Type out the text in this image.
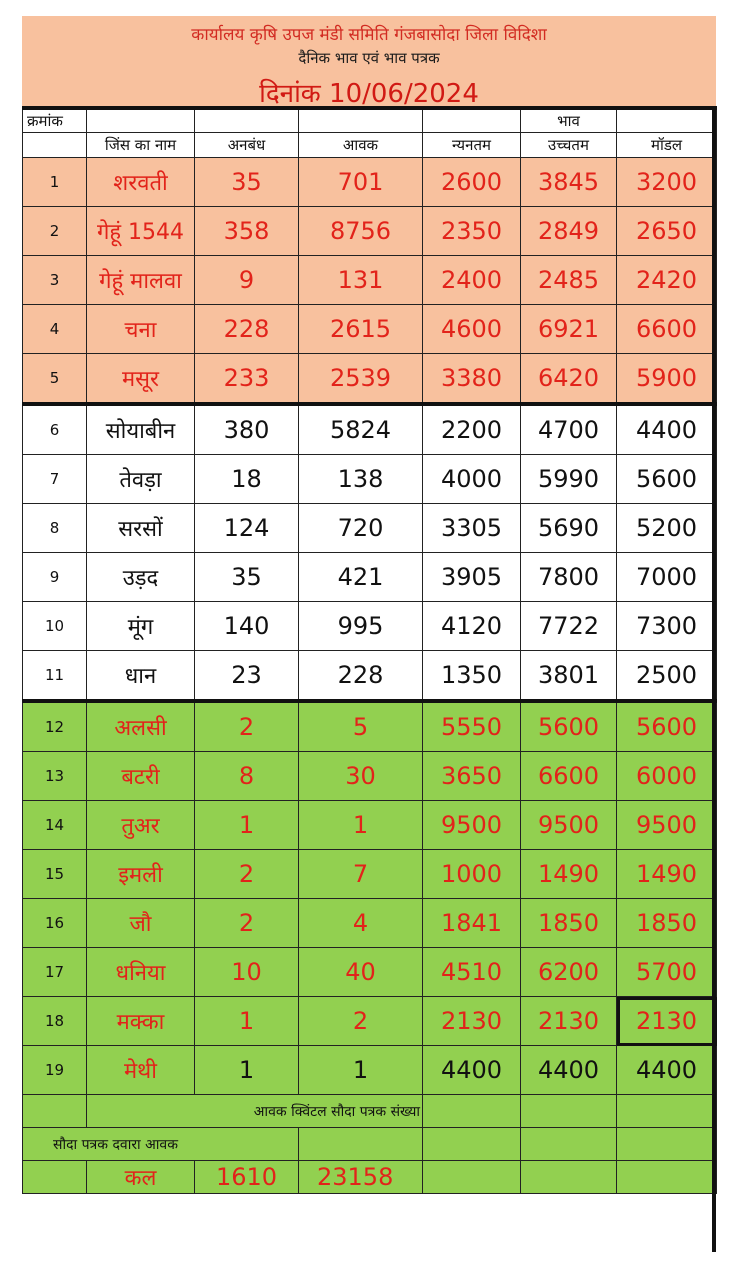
कार्यालय कृषि उपज मंडी समिति गंजबासोदा जिला विदिशा
दैनिक भाव एवं भाव पत्रक
दिनांक 10/06/2024
क्रमांक					भाव	
	जिंस का नाम	अनबंध	आवक	न्यनतम	उच्चतम	मॉडल
1	शरवती	35	701	2600	3845	3200
2	गेहूं 1544	358	8756	2350	2849	2650
3	गेहूं मालवा	9	131	2400	2485	2420
4	चना	228	2615	4600	6921	6600
5	मसूर	233	2539	3380	6420	5900
6	सोयाबीन	380	5824	2200	4700	4400
7	तेवड़ा	18	138	4000	5990	5600
8	सरसों	124	720	3305	5690	5200
9	उड़द	35	421	3905	7800	7000
10	मूंग	140	995	4120	7722	7300
11	धान	23	228	1350	3801	2500
12	अलसी	2	5	5550	5600	5600
13	बटरी	8	30	3650	6600	6000
14	तुअर	1	1	9500	9500	9500
15	इमली	2	7	1000	1490	1490
16	जौ	2	4	1841	1850	1850
17	धनिया	10	40	4510	6200	5700
18	मक्का	1	2	2130	2130	2130
19	मेथी	1	1	4400	4400	4400
	आवक क्विंटल सौदा पत्रक संख्या					
सौदा पत्रक दवारा आवक						
	कल	1610	23158			
